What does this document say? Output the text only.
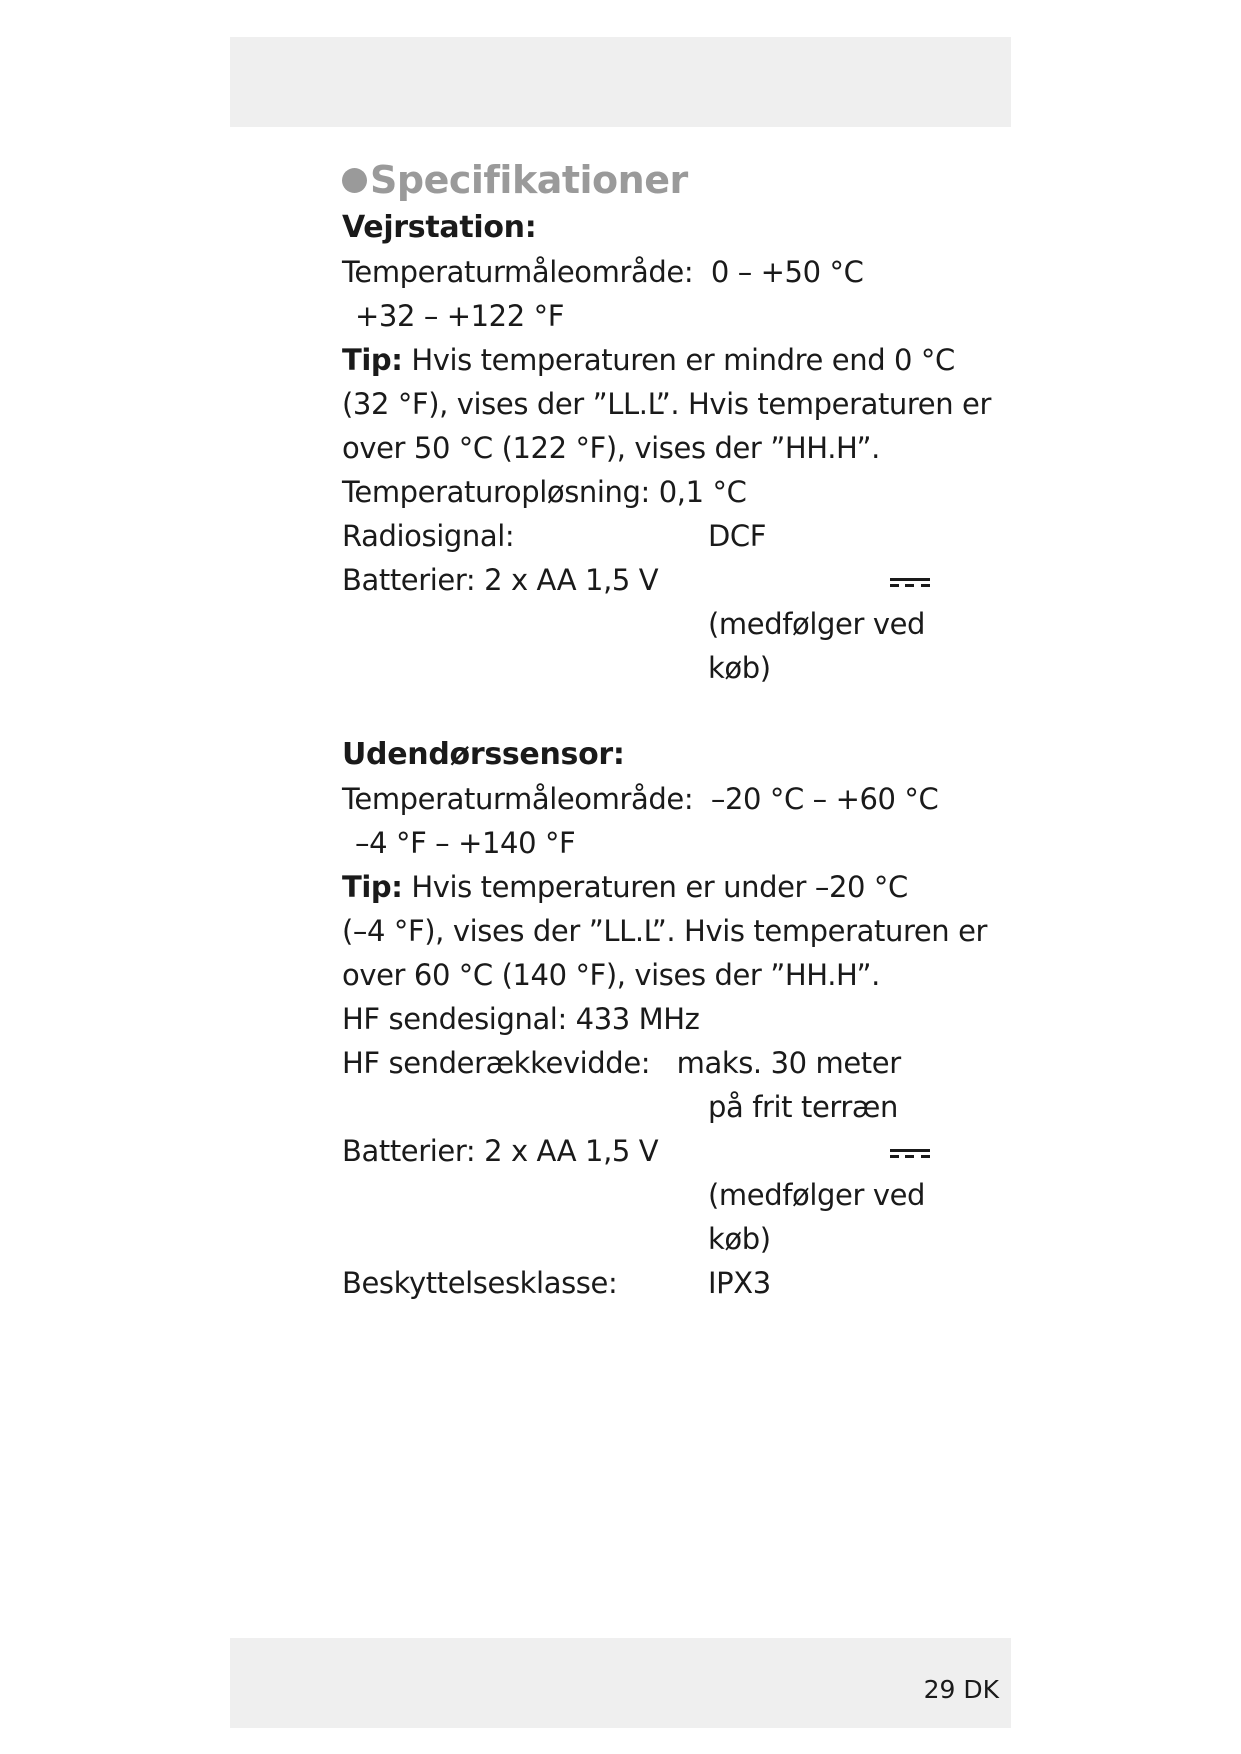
29 DK
Specifikationer
Vejrstation:
Temperaturmåleområde: 0 – +50 °C
+32 – +122 °F
Tip: Hvis temperaturen er mindre end 0 °C
(32 °F), vises der ”LL.L”. Hvis temperaturen er
over 50 °C (122 °F), vises der ”HH.H”.
Temperaturopløsning: 0,1 °C
Radiosignal:	DCF
Batterier: 2 x AA 1,5 V
(medfølger ved
køb)
Udendørssensor:
Temperaturmåleområde: –20 °C – +60 °C
–4 °F – +140 °F
Tip: Hvis temperaturen er under –20 °C
(–4 °F), vises der ”LL.L”. Hvis temperaturen er
over 60 °C (140 °F), vises der ”HH.H”.
HF sendesignal: 433 MHz
HF senderækkevidde: maks. 30 meter
på frit terræn
Batterier: 2 x AA 1,5 V
(medfølger ved
køb)
Beskyttelsesklasse:	IPX3
